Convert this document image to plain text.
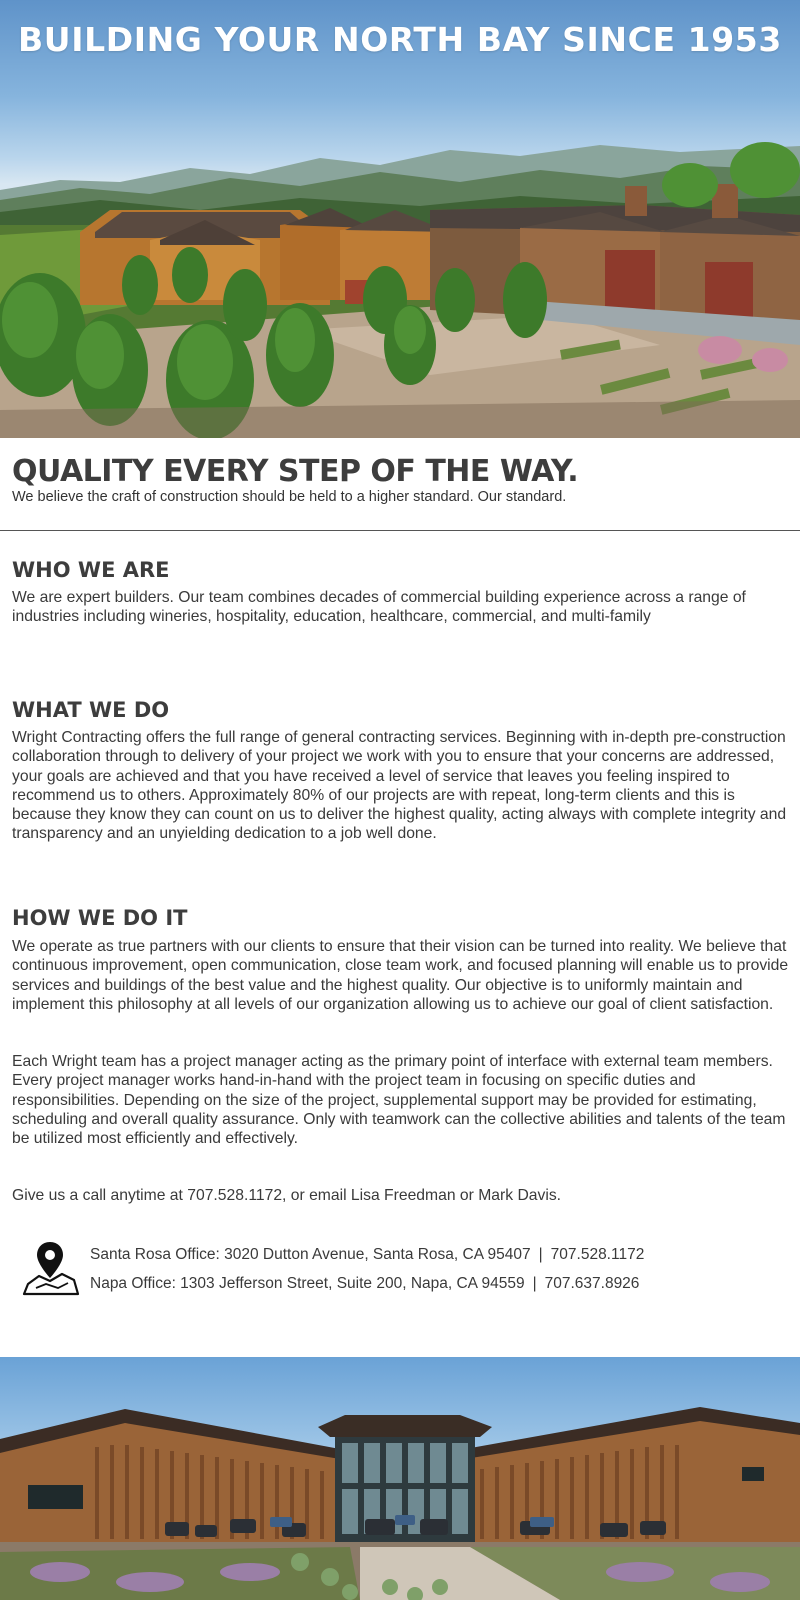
BUILDING YOUR NORTH BAY SINCE 1953
QUALITY EVERY STEP OF THE WAY.
We believe the craft of construction should be held to a higher standard. Our standard.
WHO WE ARE
We are expert builders. Our team combines decades of commercial building experience across a range of industries including wineries, hospitality, education, healthcare, commercial, and multi-family
WHAT WE DO
Wright Contracting offers the full range of general contracting services. Beginning with in-depth pre-construction collaboration through to delivery of your project we work with you to ensure that your concerns are addressed, your goals are achieved and that you have received a level of service that leaves you feeling inspired to recommend us to others. Approximately 80% of our projects are with repeat, long-term clients and this is because they know they can count on us to deliver the highest quality, acting always with complete integrity and transparency and an unyielding dedication to a job well done.
HOW WE DO IT
We operate as true partners with our clients to ensure that their vision can be turned into reality. We believe that continuous improvement, open communication, close team work, and focused planning will enable us to provide services and buildings of the best value and the highest quality. Our objective is to uniformly maintain and implement this philosophy at all levels of our organization allowing us to achieve our goal of client satisfaction.
Each Wright team has a project manager acting as the primary point of interface with external team members. Every project manager works hand-in-hand with the project team in focusing on specific duties and responsibilities. Depending on the size of the project, supplemental support may be provided for estimating, scheduling and overall quality assurance. Only with teamwork can the collective abilities and talents of the team be utilized most efficiently and effectively.
Give us a call anytime at 707.528.1172, or email Lisa Freedman or Mark Davis.
Santa Rosa Office: 3020 Dutton Avenue, Santa Rosa, CA 95407 | 707.528.1172
Napa Office: 1303 Jefferson Street, Suite 200, Napa, CA 94559 | 707.637.8926
